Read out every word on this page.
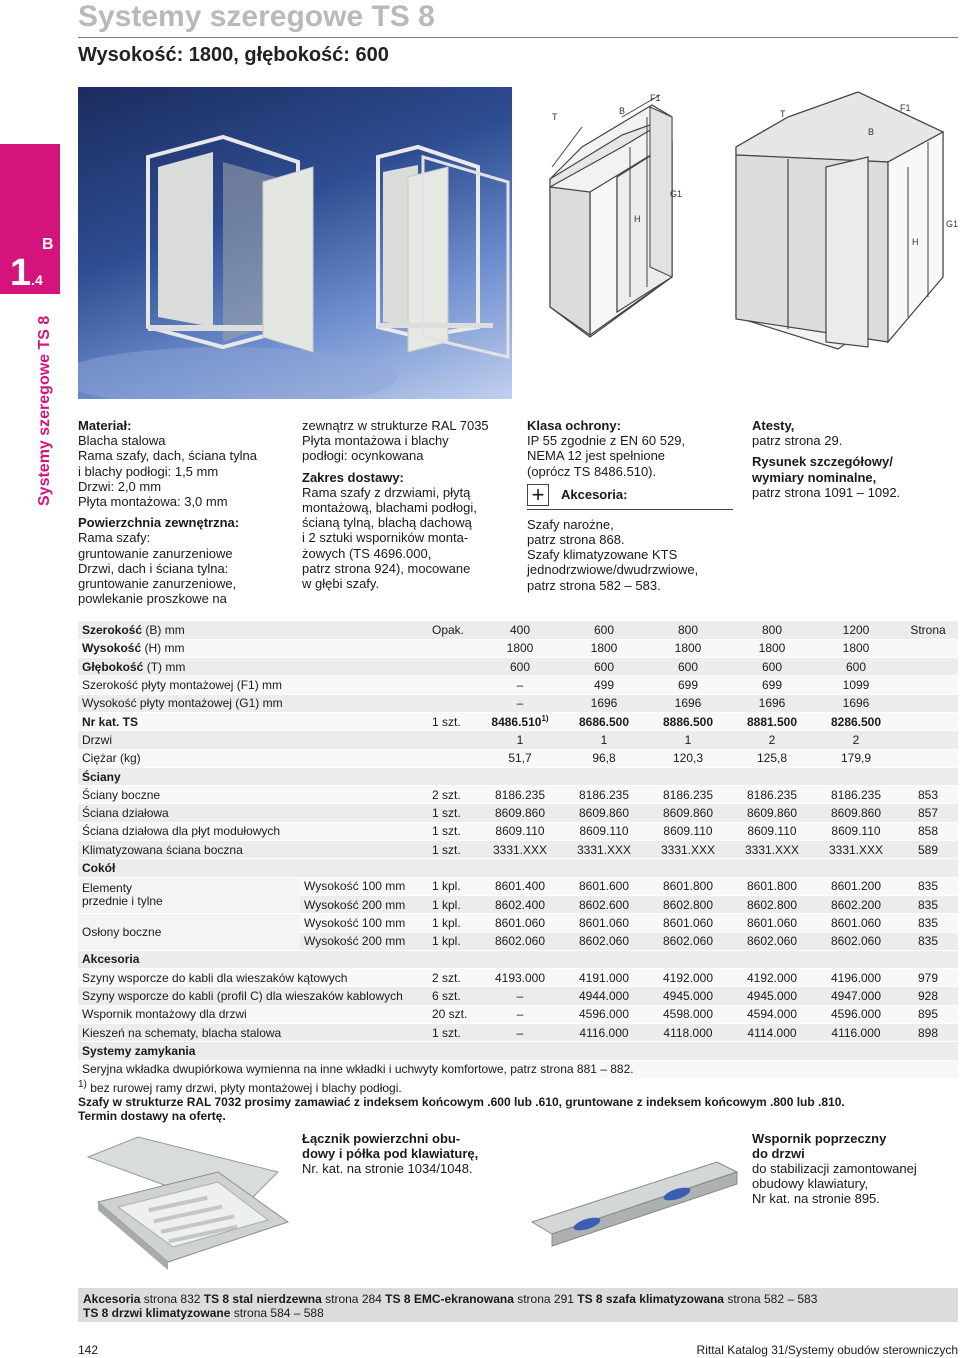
Systemy szeregowe TS 8
Wysokość: 1800, głębokość: 600
B
1.4
Systemy szeregowe TS 8
T
B
F1
H
G1
T
B
F1
H
G1

Materiał:

Blacha stalowa

Rama szafy, dach, ściana tylna

i blachy podłogi: 1,5 mm

Drzwi: 2,0 mm

Płyta montażowa: 3,0 mm

Powierzchnia zewnętrzna:

Rama szafy:

gruntowanie zanurzeniowe

Drzwi, dach i ściana tylna:

gruntowanie zanurzeniowe,

powlekanie proszkowe na

zewnątrz w strukturze RAL 7035

Płyta montażowa i blachy

podłogi: ocynkowana

Zakres dostawy:

Rama szafy z drzwiami, płytą

montażową, blachami podłogi,

ścianą tylną, blachą dachową

i 2 sztuki wsporników monta-

żowych (TS 4696.000,

patrz strona 924), mocowane

w głębi szafy.

Klasa ochrony:

IP 55 zgodnie z EN 60 529,

NEMA 12 jest spełnione

(oprócz TS 8486.510).

+	Akcesoria:

Szafy narożne,

patrz strona 868.

Szafy klimatyzowane KTS

jednodrzwiowe/dwudrzwiowe,

patrz strona 582 – 583.

Atesty,

patrz strona 29.

Rysunek szczegółowy/

wymiary nominalne,

patrz strona 1091 – 1092.

Szerokość (B) mm		Opak.	400	600	800	800	1200	Strona
Wysokość (H) mm			1800	1800	1800	1800	1800	
Głębokość (T) mm			600	600	600	600	600	
Szerokość płyty montażowej (F1) mm			–	499	699	699	1099	
Wysokość płyty montażowej (G1) mm			–	1696	1696	1696	1696	
Nr kat. TS		1 szt.	8486.510$^{1)}$	8686.500	8886.500	8881.500	8286.500	
Drzwi			1	1	1	2	2	
Ciężar (kg)			51,7	96,8	120,3	125,8	179,9	
Ściany								
Ściany boczne		2 szt.	8186.235	8186.235	8186.235	8186.235	8186.235	853
Ściana działowa		1 szt.	8609.860	8609.860	8609.860	8609.860	8609.860	857
Ściana działowa dla płyt modułowych		1 szt.	8609.110	8609.110	8609.110	8609.110	8609.110	858
Klimatyzowana ściana boczna		1 szt.	3331.XXX	3331.XXX	3331.XXX	3331.XXX	3331.XXX	589
Cokół								

Elementy
przednie i tylne	Wysokość 100 mm	1 kpl.	8601.400	8601.600	8601.800	8601.800	8601.200	835
	Wysokość 200 mm	1 kpl.	8602.400	8602.600	8602.800	8602.800	8602.200	835

Osłony boczne	Wysokość 100 mm	1 kpl.	8601.060	8601.060	8601.060	8601.060	8601.060	835
	Wysokość 200 mm	1 kpl.	8602.060	8602.060	8602.060	8602.060	8602.060	835
Akcesoria								
Szyny wsporcze do kabli dla wieszaków kątowych		2 szt.	4193.000	4191.000	4192.000	4192.000	4196.000	979
Szyny wsporcze do kabli (profil C) dla wieszaków kablowych		6 szt.	–	4944.000	4945.000	4945.000	4947.000	928
Wspornik montażowy dla drzwi		20 szt.	–	4596.000	4598.000	4594.000	4596.000	895
Kieszeń na schematy, blacha stalowa		1 szt.	–	4116.000	4118.000	4114.000	4116.000	898
Systemy zamykania								
Seryjna wkładka dwupiórkowa wymienna na inne wkładki i uchwyty komfortowe, patrz strona 881 – 882.								

$^{1)}$ bez rurowej ramy drzwi, płyty montażowej i blachy podłogi.

Szafy w strukturze RAL 7032 prosimy zamawiać z indeksem końcowym .600 lub .610, gruntowane z indeksem końcowym .800 lub .810.

Termin dostawy na ofertę.

Łącznik powierzchni obu-

dowy i półka pod klawiaturę,

Nr. kat. na stronie 1034/1048.

Wspornik poprzeczny

do drzwi

do stabilizacji zamontowanej

obudowy klawiatury,

Nr kat. na stronie 895.

Akcesoria strona 832 TS 8 stal nierdzewna strona 284 TS 8 EMC-ekranowana strona 291 TS 8 szafa klimatyzowana strona 582 – 583
TS 8 drzwi klimatyzowane strona 584 – 588
142	Rittal Katalog 31/Systemy obudów sterowniczych
